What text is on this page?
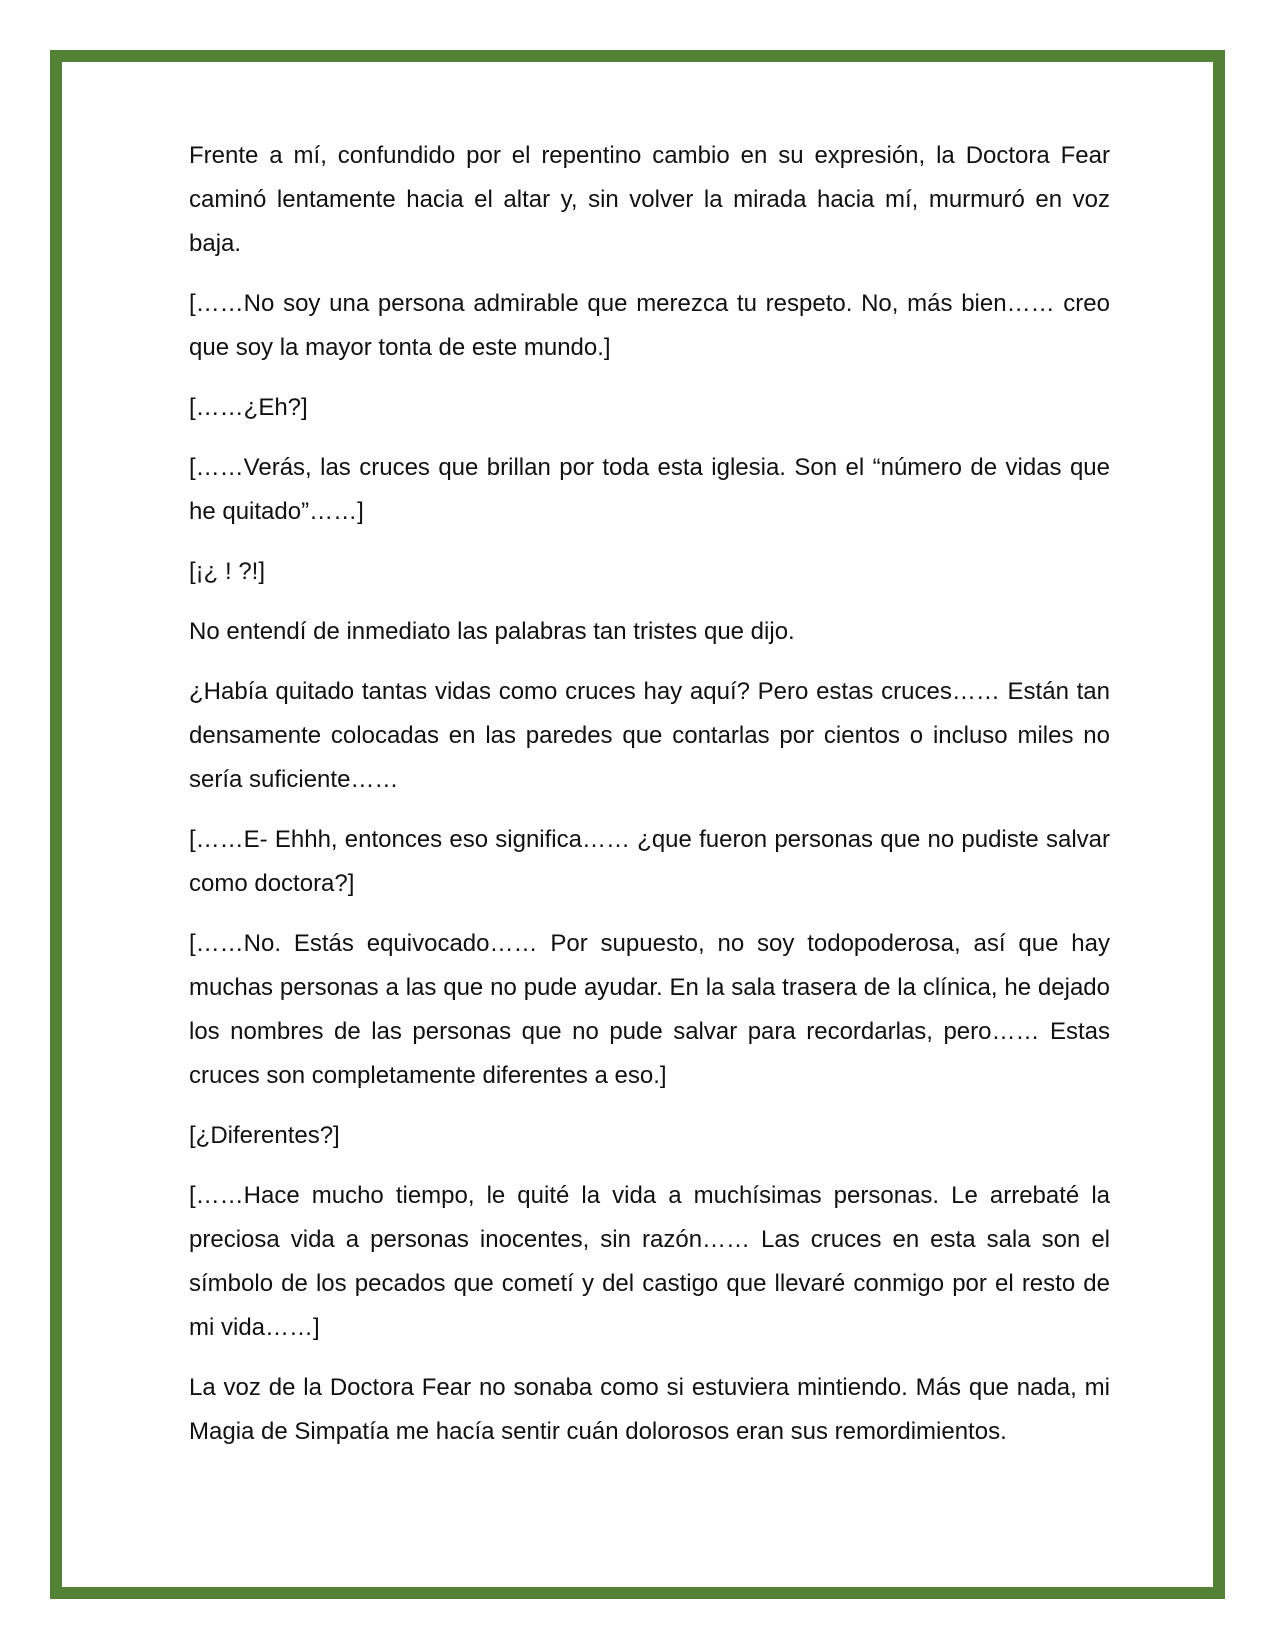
Frente a mí, confundido por el repentino cambio en su expresión, la Doctora Fear caminó lentamente hacia el altar y, sin volver la mirada hacia mí, murmuró en voz baja.

[……No soy una persona admirable que merezca tu respeto. No, más bien…… creo que soy la mayor tonta de este mundo.]

[……¿Eh?]

[……Verás, las cruces que brillan por toda esta iglesia. Son el “número de vidas que he quitado”……]

[¡¿ ! ?!]

No entendí de inmediato las palabras tan tristes que dijo.

¿Había quitado tantas vidas como cruces hay aquí? Pero estas cruces…… Están tan densamente colocadas en las paredes que contarlas por cientos o incluso miles no sería suficiente……

[……E- Ehhh, entonces eso significa…… ¿que fueron personas que no pudiste salvar como doctora?]

[……No. Estás equivocado…… Por supuesto, no soy todopoderosa, así que hay muchas personas a las que no pude ayudar. En la sala trasera de la clínica, he dejado los nombres de las personas que no pude salvar para recordarlas, pero…… Estas cruces son completamente diferentes a eso.]

[¿Diferentes?]

[……Hace mucho tiempo, le quité la vida a muchísimas personas. Le arrebaté la preciosa vida a personas inocentes, sin razón…… Las cruces en esta sala son el símbolo de los pecados que cometí y del castigo que llevaré conmigo por el resto de mi vida……]

La voz de la Doctora Fear no sonaba como si estuviera mintiendo. Más que nada, mi Magia de Simpatía me hacía sentir cuán dolorosos eran sus remordimientos.
